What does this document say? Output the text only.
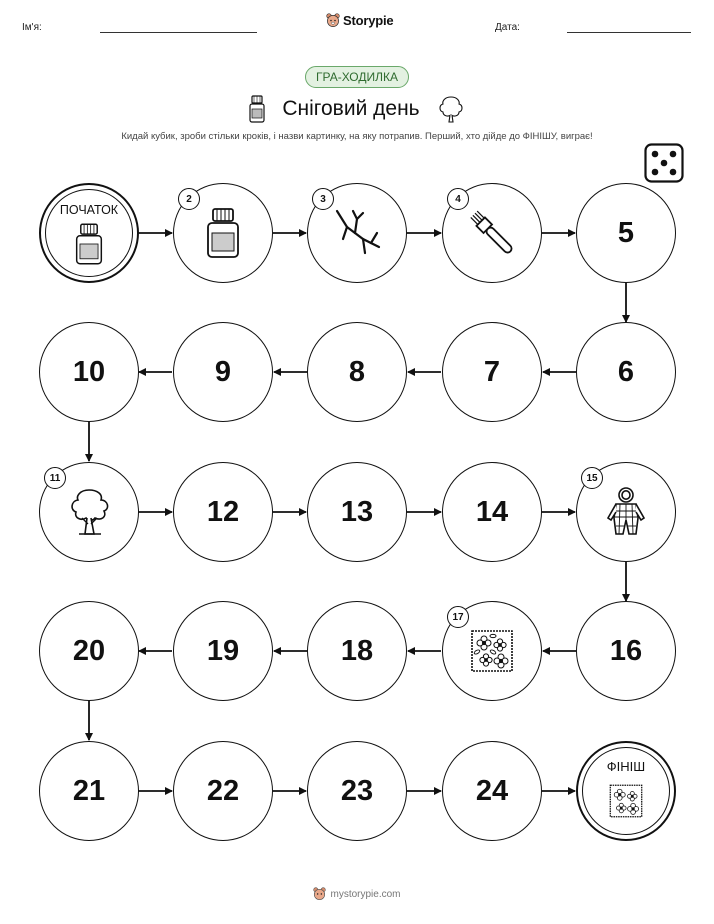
Ім'я:	Storypie	Дата:
ГРА-ХОДИЛКА
Сніговий день
Кидай кубик, зроби стільки кроків, і назви картинку, на яку потрапив. Перший, хто дійде до ФІНІШУ, виграє!
ПОЧАТОК
2	3	4
5
6
7
8
9
10
11
12	13	14
15
16
17
18
19
20
21	22	23	24
ФІНІШ
mystorypie.com
